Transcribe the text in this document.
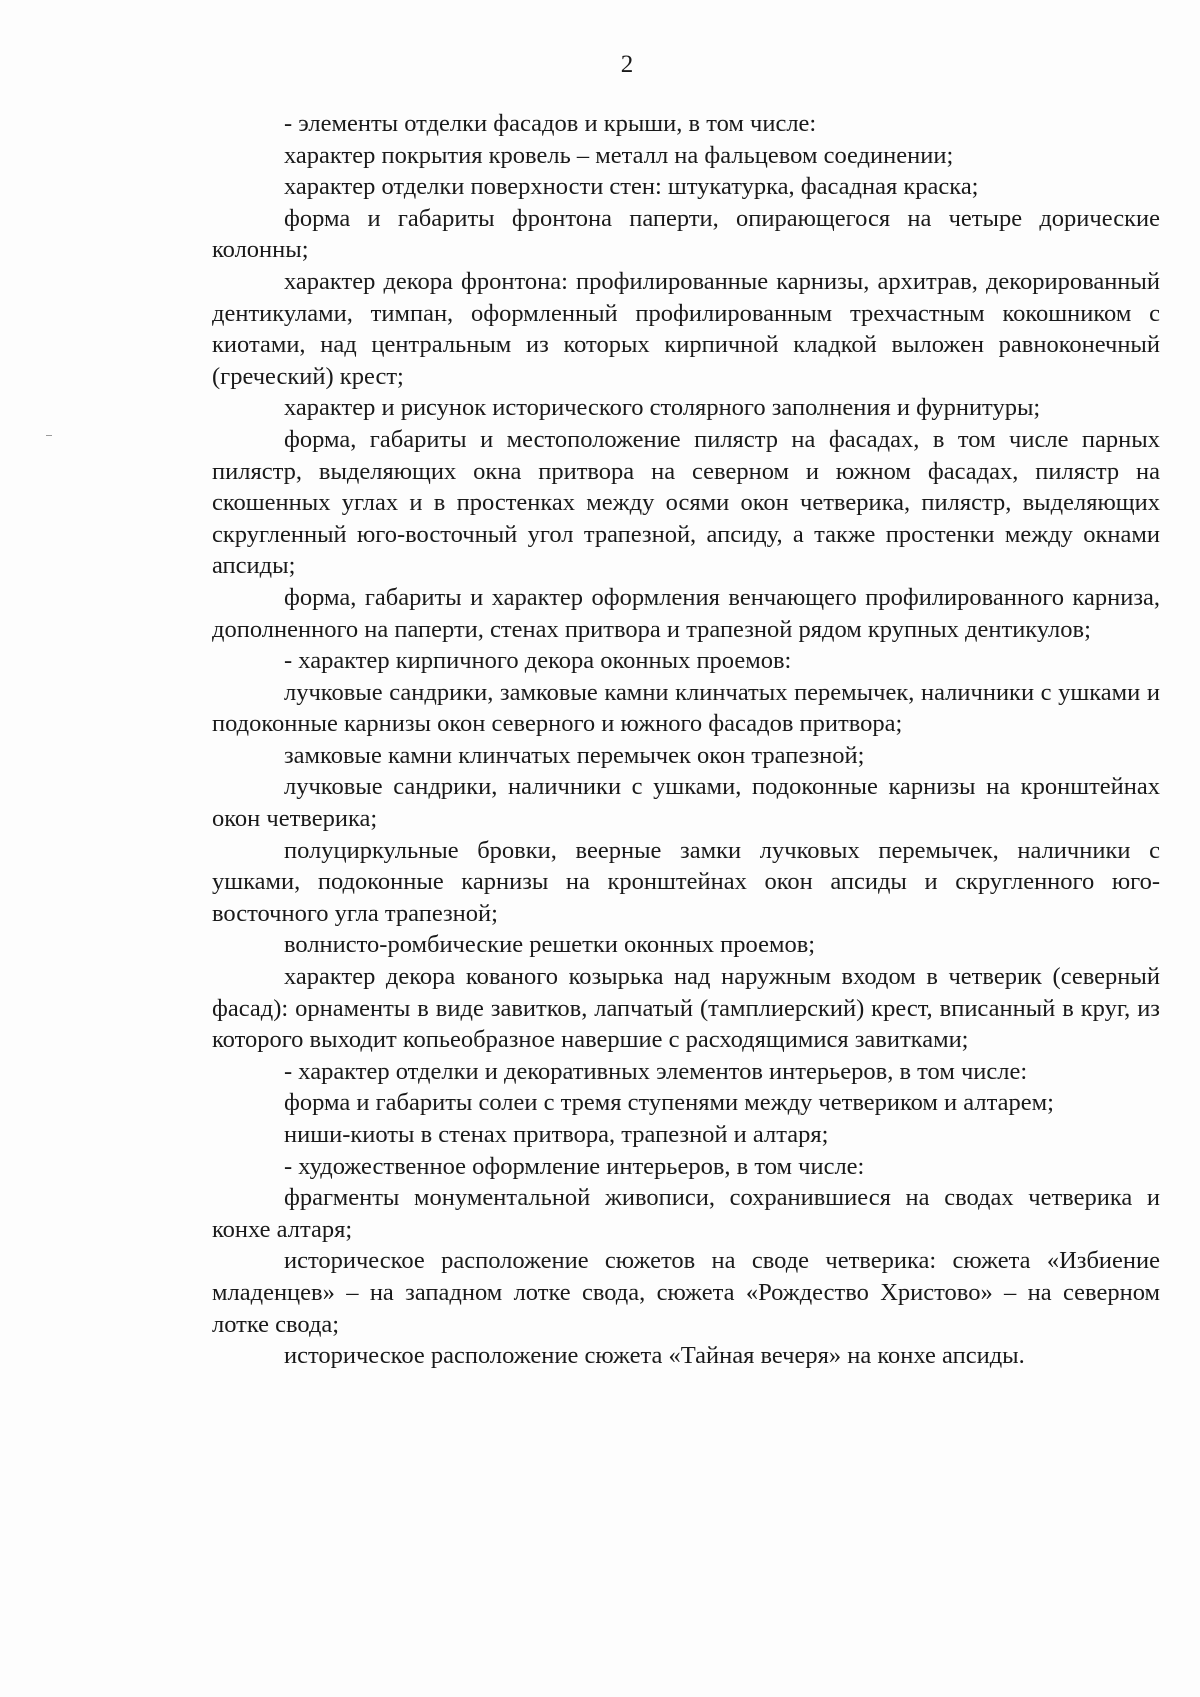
2

- элементы отделки фасадов и крыши, в том числе:

характер покрытия кровель – металл на фальцевом соединении;

характер отделки поверхности стен: штукатурка, фасадная краска;

форма и габариты фронтона паперти, опирающегося на четыре дорические колонны;

характер декора фронтона: профилированные карнизы, архитрав, декорированный дентикулами, тимпан, оформленный профилированным трехчастным кокошником с киотами, над центральным из которых кирпичной кладкой выложен равноконечный (греческий) крест;

характер и рисунок исторического столярного заполнения и фурнитуры;

форма, габариты и местоположение пилястр на фасадах, в том числе парных пилястр, выделяющих окна притвора на северном и южном фасадах, пилястр на скошенных углах и в простенках между осями окон четверика, пилястр, выделяющих скругленный юго-восточный угол трапезной, апсиду, а также простенки между окнами апсиды;

форма, габариты и характер оформления венчающего профилированного карниза, дополненного на паперти, стенах притвора и трапезной рядом крупных дентикулов;

- характер кирпичного декора оконных проемов:

лучковые сандрики, замковые камни клинчатых перемычек, наличники с ушками и подоконные карнизы окон северного и южного фасадов притвора;

замковые камни клинчатых перемычек окон трапезной;

лучковые сандрики, наличники с ушками, подоконные карнизы на кронштейнах окон четверика;

полуциркульные бровки, веерные замки лучковых перемычек, наличники с ушками, подоконные карнизы на кронштейнах окон апсиды и скругленного юго-восточного угла трапезной;

волнисто-ромбические решетки оконных проемов;

характер декора кованого козырька над наружным входом в четверик (северный фасад): орнаменты в виде завитков, лапчатый (тамплиерский) крест, вписанный в круг, из которого выходит копьеобразное навершие с расходящимися завитками;

- характер отделки и декоративных элементов интерьеров, в том числе:

форма и габариты солеи с тремя ступенями между четвериком и алтарем;

ниши-киоты в стенах притвора, трапезной и алтаря;

- художественное оформление интерьеров, в том числе:

фрагменты монументальной живописи, сохранившиеся на сводах четверика и конхе алтаря;

историческое расположение сюжетов на своде четверика: сюжета «Избиение младенцев» – на западном лотке свода, сюжета «Рождество Христово» – на северном лотке свода;

историческое расположение сюжета «Тайная вечеря» на конхе апсиды.
